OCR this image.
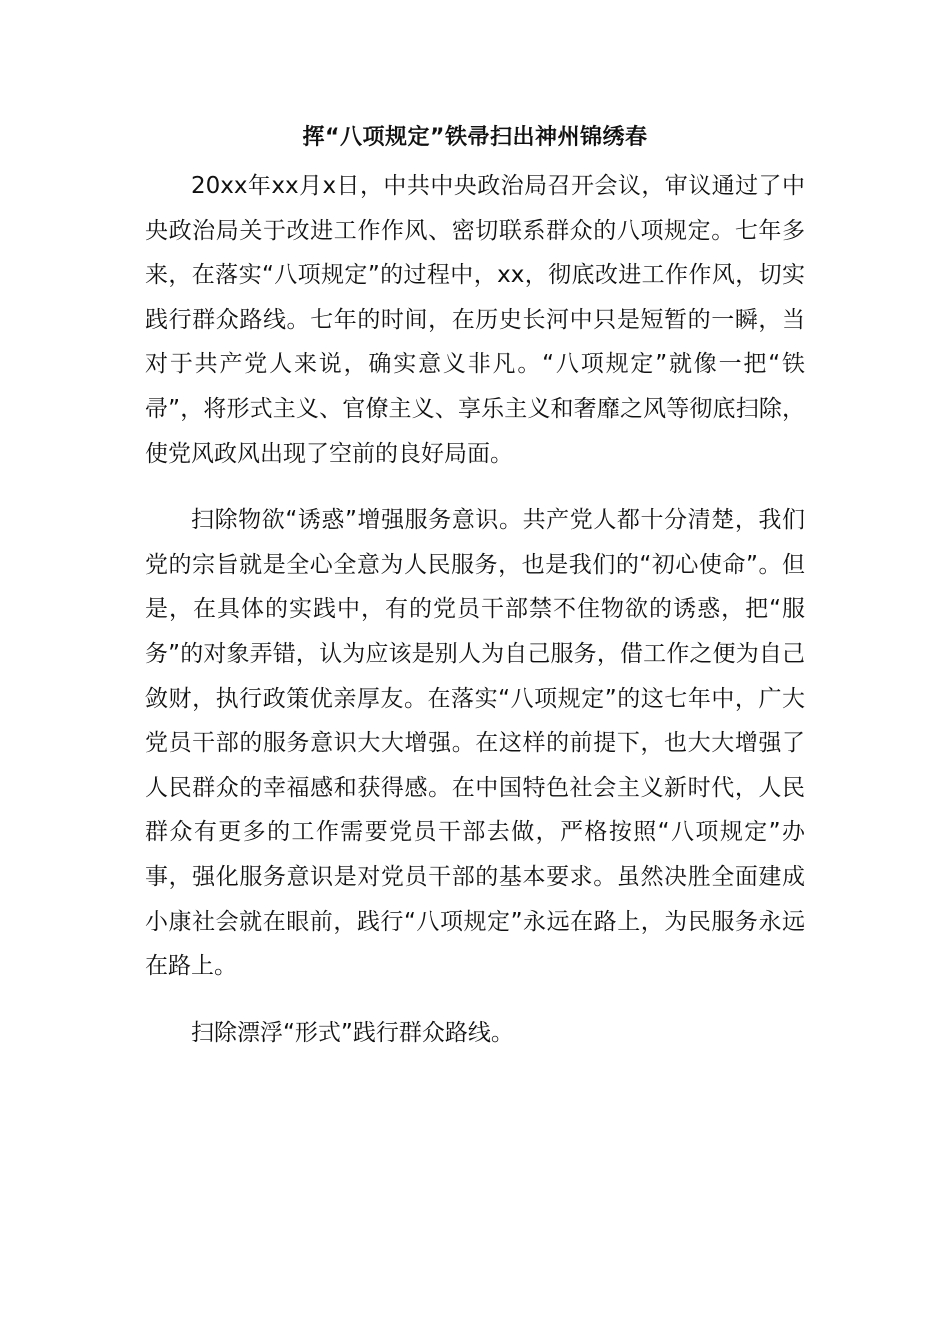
挥“八项规定”铁帚扫出神州锦绣春

20xx年xx月x日，中共中央政治局召开会议，审议通过了中央政治局关于改进工作作风、密切联系群众的八项规定。七年多来，在落实“八项规定”的过程中，xx，彻底改进工作作风，切实践行群众路线。七年的时间，在历史长河中只是短暂的一瞬，当对于共产党人来说，确实意义非凡。“八项规定”就像一把“铁帚”，将形式主义、官僚主义、享乐主义和奢靡之风等彻底扫除，使党风政风出现了空前的良好局面。

扫除物欲“诱惑”增强服务意识。共产党人都十分清楚，我们党的宗旨就是全心全意为人民服务，也是我们的“初心使命”。但是，在具体的实践中，有的党员干部禁不住物欲的诱惑，把“服务”的对象弄错，认为应该是别人为自己服务，借工作之便为自己敛财，执行政策优亲厚友。在落实“八项规定”的这七年中，广大党员干部的服务意识大大增强。在这样的前提下，也大大增强了人民群众的幸福感和获得感。在中国特色社会主义新时代，人民群众有更多的工作需要党员干部去做，严格按照“八项规定”办事，强化服务意识是对党员干部的基本要求。虽然决胜全面建成小康社会就在眼前，践行“八项规定”永远在路上，为民服务永远在路上。

扫除漂浮“形式”践行群众路线。
